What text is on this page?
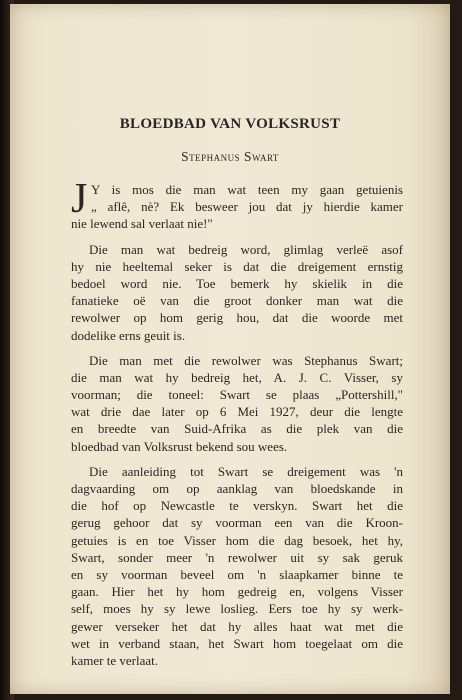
BLOEDBAD VAN VOLKSRUST
Stephanus Swart
J Y is mos die man wat teen my gaan getuienis
„ aflê, nè? Ek besweer jou dat jy hierdie kamer
nie lewend sal verlaat nie!"
Die man wat bedreig word, glimlag verleë asof
hy nie heeltemal seker is dat die dreigement ernstig
bedoel word nie. Toe bemerk hy skielik in die
fanatieke oë van die groot donker man wat die
rewolwer op hom gerig hou, dat die woorde met
dodelike erns geuit is.
Die man met die rewolwer was Stephanus Swart;
die man wat hy bedreig het, A. J. C. Visser, sy
voorman; die toneel: Swart se plaas „Pottershill,"
wat drie dae later op 6 Mei 1927, deur die lengte
en breedte van Suid-Afrika as die plek van die
bloedbad van Volksrust bekend sou wees.
Die aanleiding tot Swart se dreigement was 'n
dagvaarding om op aanklag van bloedskande in
die hof op Newcastle te verskyn. Swart het die
gerug gehoor dat sy voorman een van die Kroon-
getuies is en toe Visser hom die dag besoek, het hy,
Swart, sonder meer 'n rewolwer uit sy sak geruk
en sy voorman beveel om 'n slaapkamer binne te
gaan. Hier het hy hom gedreig en, volgens Visser
self, moes hy sy lewe loslieg. Eers toe hy sy werk-
gewer verseker het dat hy alles haat wat met die
wet in verband staan, het Swart hom toegelaat om die
kamer te verlaat.
